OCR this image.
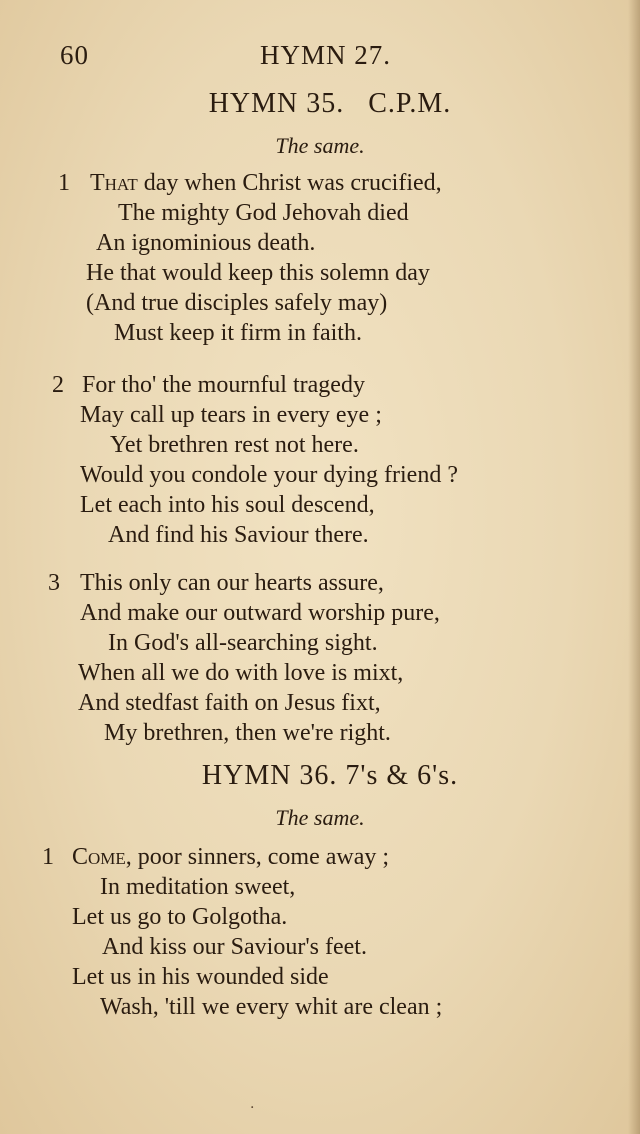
60	HYMN 27.
HYMN 35.   C.P.M.
The same.
1 That day when Christ was crucified,
The mighty God Jehovah died
An ignominious death.
He that would keep this solemn day
(And true disciples safely may)
Must keep it firm in faith.
2 For tho' the mournful tragedy
May call up tears in every eye ;
Yet brethren rest not here.
Would you condole your dying friend ?
Let each into his soul descend,
And find his Saviour there.
3 This only can our hearts assure,
And make our outward worship pure,
In God's all-searching sight.
When all we do with love is mixt,
And stedfast faith on Jesus fixt,
My brethren, then we're right.
HYMN 36. 7's & 6's.
The same.
1 Come, poor sinners, come away ;
In meditation sweet,
Let us go to Golgotha.
And kiss our Saviour's feet.
Let us in his wounded side
Wash, 'till we every whit are clean ;
·
